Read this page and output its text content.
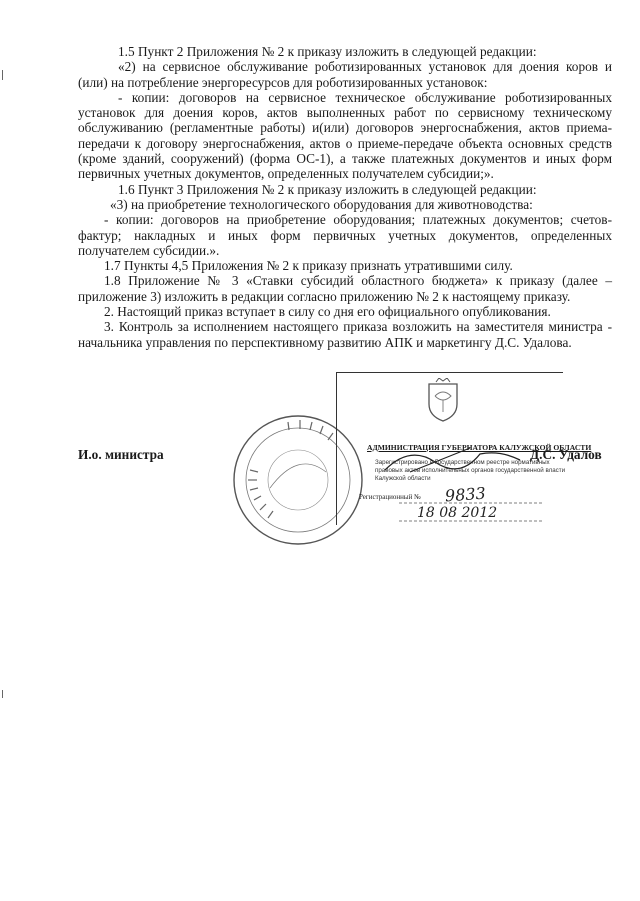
1.5 Пункт 2 Приложения № 2 к приказу изложить в следующей редакции:

«2) на сервисное обслуживание роботизированных установок для доения коров и (или) на потребление энергоресурсов для роботизированных установок:

- копии: договоров на сервисное техническое обслуживание роботизированных установок для доения коров, актов выполненных работ по сервисному техническому обслуживанию (регламентные работы) и(или) договоров энергоснабжения, актов приема-передачи к договору энергоснабжения, актов о приеме-передаче объекта основных средств (кроме зданий, сооружений) (форма ОС-1), а также платежных документов и иных форм первичных учетных документов, определенных получателем субсидии;».

1.6 Пункт 3 Приложения № 2 к приказу изложить в следующей редакции:

«3) на приобретение технологического оборудования для животноводства:

- копии: договоров на приобретение оборудования; платежных документов; счетов-фактур; накладных и иных форм первичных учетных документов, определенных получателем субсидии.».

1.7 Пункты 4,5 Приложения № 2 к приказу признать утратившими силу.

1.8 Приложение № 3 «Ставки субсидий областного бюджета» к приказу (далее – приложение 3) изложить в редакции согласно приложению № 2 к настоящему приказу.

2. Настоящий приказ вступает в силу со дня его официального опубликования.

3. Контроль за исполнением настоящего приказа возложить на заместителя министра - начальника управления по перспективному развитию АПК и маркетингу Д.С. Удалова.

АДМИНИСТРАЦИЯ ГУБЕРНАТОРА КАЛУЖСКОЙ ОБЛАСТИ
Зарегистрировано в Государственном реестре нормативных
правовых актов исполнительных органов государственной власти
Калужской области
Регистрационный № 9833
18 08 2012
И.о. министра	Д.С. Удалов
